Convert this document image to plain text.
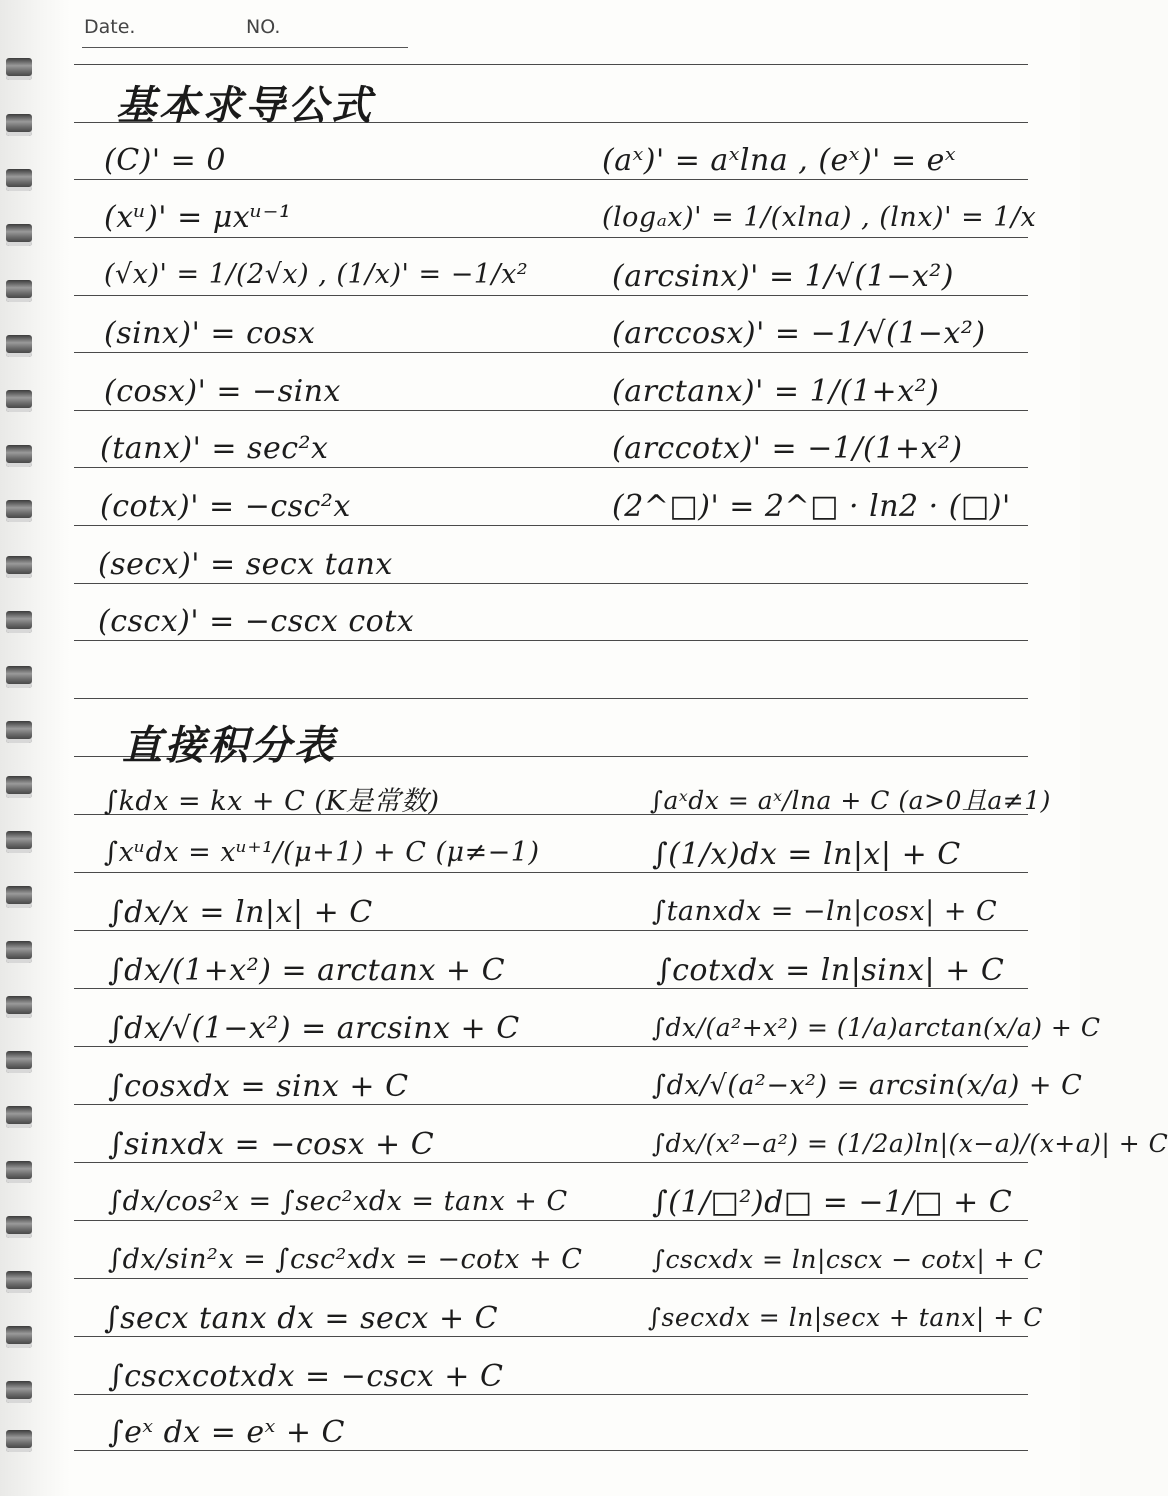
Date.	NO.
基本求导公式
(C)' = 0
(xᵘ)' = μxᵘ⁻¹
(√x)' = 1/(2√x) , (1/x)' = −1/x²
(sinx)' = cosx
(cosx)' = −sinx
(tanx)' = sec²x
(cotx)' = −csc²x
(secx)' = secx tanx
(cscx)' = −cscx cotx
(aˣ)' = aˣlna , (eˣ)' = eˣ
(logₐx)' = 1/(xlna) , (lnx)' = 1/x
(arcsinx)' = 1/√(1−x²)
(arccosx)' = −1/√(1−x²)
(arctanx)' = 1/(1+x²)
(arccotx)' = −1/(1+x²)
(2^□)' = 2^□ · ln2 · (□)'
直接积分表
∫kdx = kx + C (K是常数)
∫xᵘdx = xᵘ⁺¹/(μ+1) + C (μ≠−1)
∫dx/x = ln|x| + C
∫dx/(1+x²) = arctanx + C
∫dx/√(1−x²) = arcsinx + C
∫cosxdx = sinx + C
∫sinxdx = −cosx + C
∫dx/cos²x = ∫sec²xdx = tanx + C
∫dx/sin²x = ∫csc²xdx = −cotx + C
∫secx tanx dx = secx + C
∫cscxcotxdx = −cscx + C
∫eˣ dx = eˣ + C
∫aˣdx = aˣ/lna + C (a>0且a≠1)
∫(1/x)dx = ln|x| + C
∫tanxdx = −ln|cosx| + C
∫cotxdx = ln|sinx| + C
∫dx/(a²+x²) = (1/a)arctan(x/a) + C
∫dx/√(a²−x²) = arcsin(x/a) + C
∫dx/(x²−a²) = (1/2a)ln|(x−a)/(x+a)| + C
∫(1/□²)d□ = −1/□ + C
∫cscxdx = ln|cscx − cotx| + C
∫secxdx = ln|secx + tanx| + C
